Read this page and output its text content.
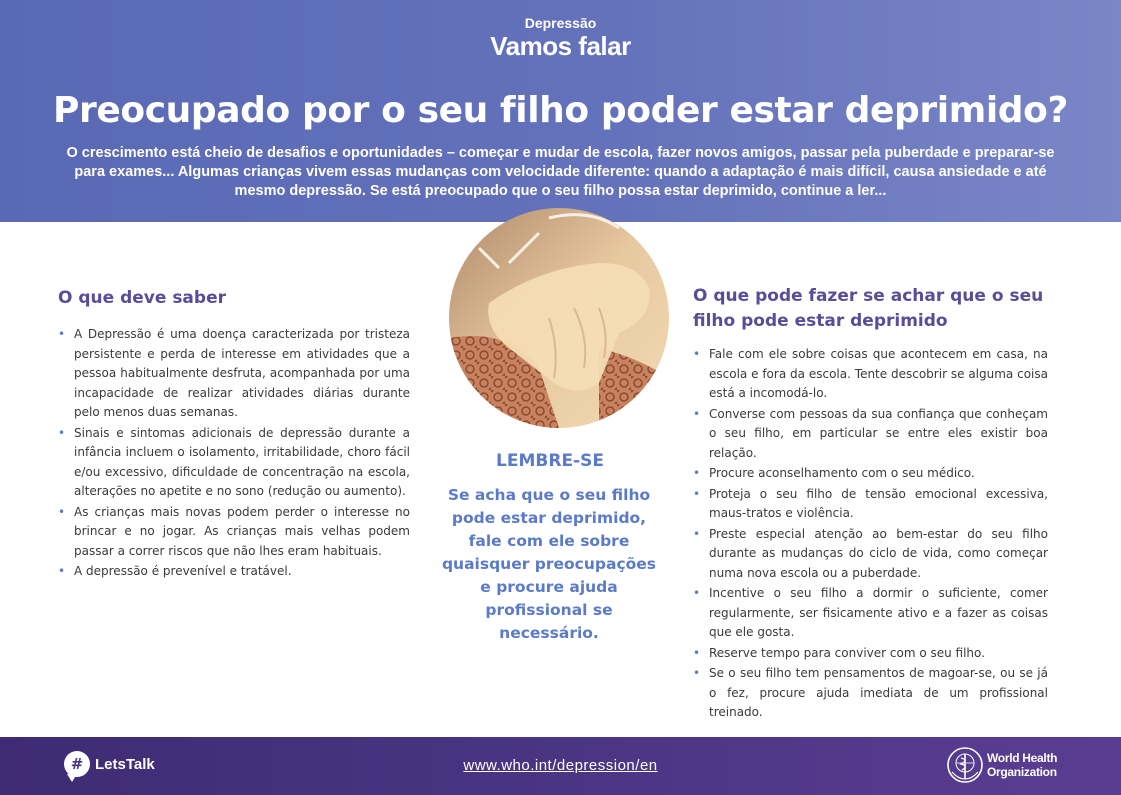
Depressão
Vamos falar
Preocupado por o seu filho poder estar deprimido?
O crescimento está cheio de desafios e oportunidades – começar e mudar de escola, fazer novos amigos, passar pela puberdade e preparar-se para exames... Algumas crianças vivem essas mudanças com velocidade diferente: quando a adaptação é mais difícil, causa ansiedade e até mesmo depressão. Se está preocupado que o seu filho possa estar deprimido, continue a ler...
O que deve saber
• A Depressão é uma doença caracterizada por tristeza persistente e perda de interesse em atividades que a pessoa habitualmente desfruta, acompanhada por uma incapacidade de realizar atividades diárias durante pelo menos duas semanas.
• Sinais e sintomas adicionais de depressão durante a infância incluem o isolamento, irritabilidade, choro fácil e/ou excessivo, dificuldade de concentração na escola, alterações no apetite e no sono (redução ou aumento).
• As crianças mais novas podem perder o interesse no brincar e no jogar. As crianças mais velhas podem passar a correr riscos que não lhes eram habituais.
• A depressão é prevenível e tratável.
LEMBRE-SE
Se acha que o seu filho pode estar deprimido, fale com ele sobre quaisquer preocupações e procure ajuda profissional se necessário.
O que pode fazer se achar que o seu filho pode estar deprimido
• Fale com ele sobre coisas que acontecem em casa, na escola e fora da escola. Tente descobrir se alguma coisa está a incomodá-lo.
• Converse com pessoas da sua confiança que conheçam o seu filho, em particular se entre eles existir boa relação.
• Procure aconselhamento com o seu médico.
• Proteja o seu filho de tensão emocional excessiva, maus-tratos e violência.
• Preste especial atenção ao bem-estar do seu filho durante as mudanças do ciclo de vida, como começar numa nova escola ou a puberdade.
• Incentive o seu filho a dormir o suficiente, comer regularmente, ser fisicamente ativo e a fazer as coisas que ele gosta.
• Reserve tempo para conviver com o seu filho.
• Se o seu filho tem pensamentos de magoar-se, ou se já o fez, procure ajuda imediata de um profissional treinado.
# LetsTalk	www.who.int/depression/en	World Health
Organization
